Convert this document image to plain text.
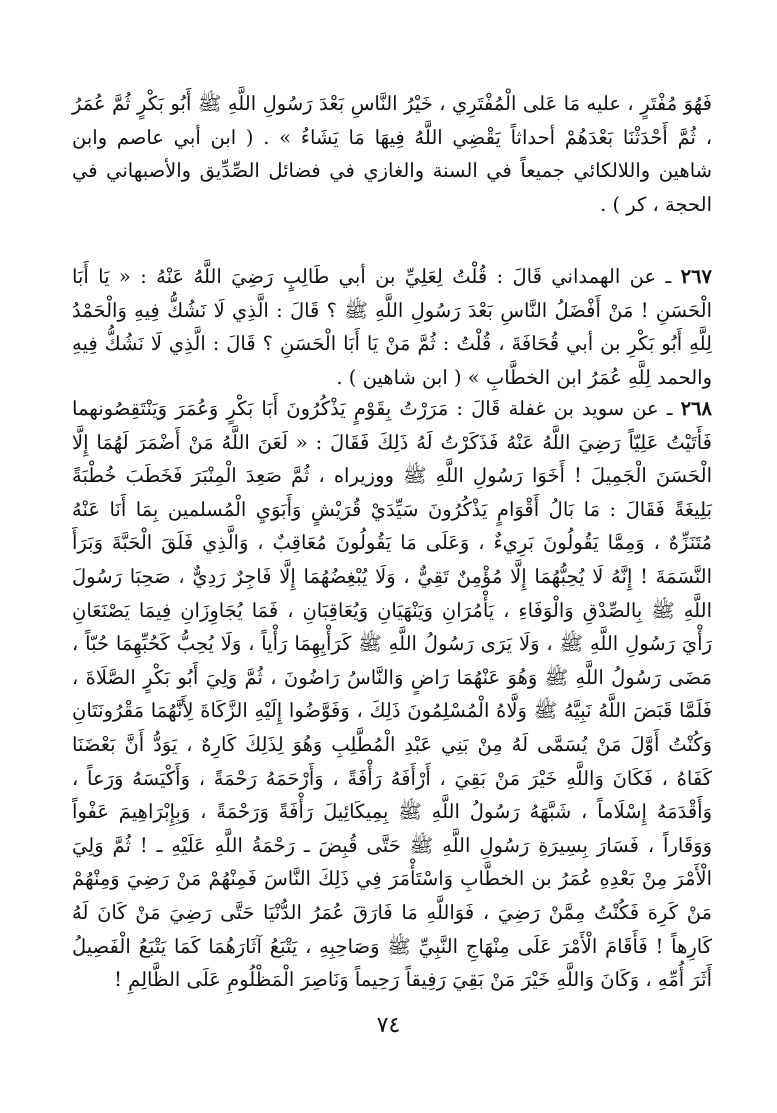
فَهُوَ مُفْتَرٍ ، عليه مَا عَلى الْمُفْتَرِي ، خَيْرُ النَّاسِ بَعْدَ رَسُولِ اللَّهِ ﷺ أَبُو بَكْرٍ ثُمَّ عُمَرُ ، ثُمَّ أَحْدَثْنَا بَعْدَهُمْ أحداثاً يَقْضِي اللَّهُ فِيهَا مَا يَشَاءُ » . ( ابن أبي عاصم وابن شاهين واللالكائي جميعاً في السنة والغازي في فضائل الصِّدِّيق والأصبهاني في الحجة ، كر ) .

٢٦٧ ـ عن الهمداني قَالَ : قُلْتُ لِعَلِيِّ بن أبي طَالِبٍ رَضِيَ اللَّهُ عَنْهُ : « يَا أَبَا الْحَسَنِ ! مَنْ أَفْضَلُ النَّاسِ بَعْدَ رَسُولِ اللَّهِ ﷺ ؟ قَالَ : الَّذِي لَا نَشُكُّ فِيهِ وَالْحَمْدُ لِلَّهِ أَبُو بَكْرِ بن أبي قُحَافَةَ ، قُلْتُ : ثُمَّ مَنْ يَا أَبَا الْحَسَنِ ؟ قَالَ : الَّذِي لَا نَشُكُّ فِيهِ والحمد لِلَّهِ عُمَرُ ابن الخطَّابِ » ( ابن شاهين ) .

٢٦٨ ـ عن سويد بن غفلة قَالَ : مَرَرْتُ بِقَوْمٍ يَذْكُرُونَ أَبَا بَكْرٍ وَعُمَرَ وَيَنْتَقِصُونهما فَأَتَيْتُ عَلِيّاً رَضِيَ اللَّهُ عَنْهُ فَذَكَرْتُ لَهُ ذَلِكَ فَقَالَ : « لَعَنَ اللَّهُ مَنْ أَضْمَرَ لَهُمَا إِلَّا الْحَسَنَ الْجَمِيلَ ! أَخَوَا رَسُولِ اللَّهِ ﷺ ووزيراه ، ثُمَّ صَعِدَ الْمِنْبَرَ فَخَطَبَ خُطْبَةً بَلِيغَةً فَقَالَ : مَا بَالُ أَقْوَامٍ يَذْكُرُونَ سَيِّدَيْ قُرَيْشٍ وَأَبَوَيِ الْمُسلمين بِمَا أَنَا عَنْهُ مُتَنَزِّهٌ ، وَمِمَّا يَقُولُونَ بَرِيءٌ ، وَعَلَى مَا يَقُولُونَ مُعَاقِبٌ ، وَالَّذِي فَلَقَ الْحَبَّةَ وَبَرَأَ النَّسَمَةَ ! إِنَّهُ لَا يُحِبُّهُمَا إِلَّا مُؤْمِنٌ تَقِيٌّ ، وَلَا يُبْغِضُهُمَا إِلَّا فَاجِرٌ رَدِيٌّ ، صَحِبَا رَسُولَ اللَّهِ ﷺ بِالصِّدْقِ وَالْوَفَاءِ ، يَأْمُرَانِ وَيَنْهَيَانِ وَيُعَاقِبَانِ ، فَمَا يُجَاوِزَانِ فِيمَا يَصْنَعَانِ رَأْيَ رَسُولِ اللَّهِ ﷺ ، وَلَا يَرَى رَسُولُ اللَّهِ ﷺ كَرَأْيِهِمَا رَأْياً ، وَلَا يُحِبُّ كَحُبِّهِمَا حُبّاً ، مَضَى رَسُولُ اللَّهِ ﷺ وَهُوَ عَنْهُمَا رَاضٍ وَالنَّاسُ رَاضُونَ ، ثُمَّ وَلِيَ أَبُو بَكْرٍ الصَّلَاةَ ، فَلَمَّا قَبَضَ اللَّهُ نَبِيَّهُ ﷺ وَلَّاهُ الْمُسْلِمُونَ ذَلِكَ ، وَفَوَّضُوا إِلَيْهِ الزَّكَاةَ لِأَنَّهُمَا مَقْرُونَتَانِ وَكُنْتُ أَوَّلَ مَنْ يُسَمَّى لَهُ مِنْ بَنِي عَبْدِ الْمُطَّلِبِ وَهُوَ لِذَلِكَ كَارِهٌ ، يَوَدُّ أَنَّ بَعْضَنَا كَفَاهُ ، فَكَانَ وَاللَّهِ خَيْرَ مَنْ بَقِيَ ، أَرْأَفَهُ رَأْفَةً ، وَأَرْحَمَهُ رَحْمَةً ، وَأَكْيَسَهُ وَرَعاً ، وَأَقْدَمَهُ إِسْلَاماً ، شَبَّهَهُ رَسُولُ اللَّهِ ﷺ بِمِيكَائِيلَ رَأْفَةً وَرَحْمَةً ، وَبِإِبْرَاهِيمَ عَفْواً وَوَقَاراً ، فَسَارَ بِسِيرَةِ رَسُولِ اللَّهِ ﷺ حَتَّى قُبِضَ ـ رَحْمَةُ اللَّهِ عَلَيْهِ ـ ! ثُمَّ وَلِيَ الْأَمْرَ مِنْ بَعْدِهِ عُمَرُ بن الخطَّابِ وَاسْتَأْمَرَ فِي ذَلِكَ النَّاسَ فَمِنْهُمْ مَنْ رَضِيَ وَمِنْهُمْ مَنْ كَرِهَ فَكُنْتُ مِمَّنْ رَضِيَ ، فَوَاللَّهِ مَا فَارَقَ عُمَرُ الدُّنْيَا حَتَّى رَضِيَ مَنْ كَانَ لَهُ كَارِهاً ! فَأَقَامَ الْأَمْرَ عَلَى مِنْهَاجِ النَّبِيِّ ﷺ وَصَاحِبِهِ ، يَتْبَعُ آثَارَهُمَا كَمَا يَتْبَعُ الْفَصِيلُ أَثَرَ أُمِّهِ ، وَكَانَ وَاللَّهِ خَيْرَ مَنْ بَقِيَ رَفِيقاً رَحِيماً وَنَاصِرَ الْمَظْلُومِ عَلَى الظَّالِمِ !

٧٤
